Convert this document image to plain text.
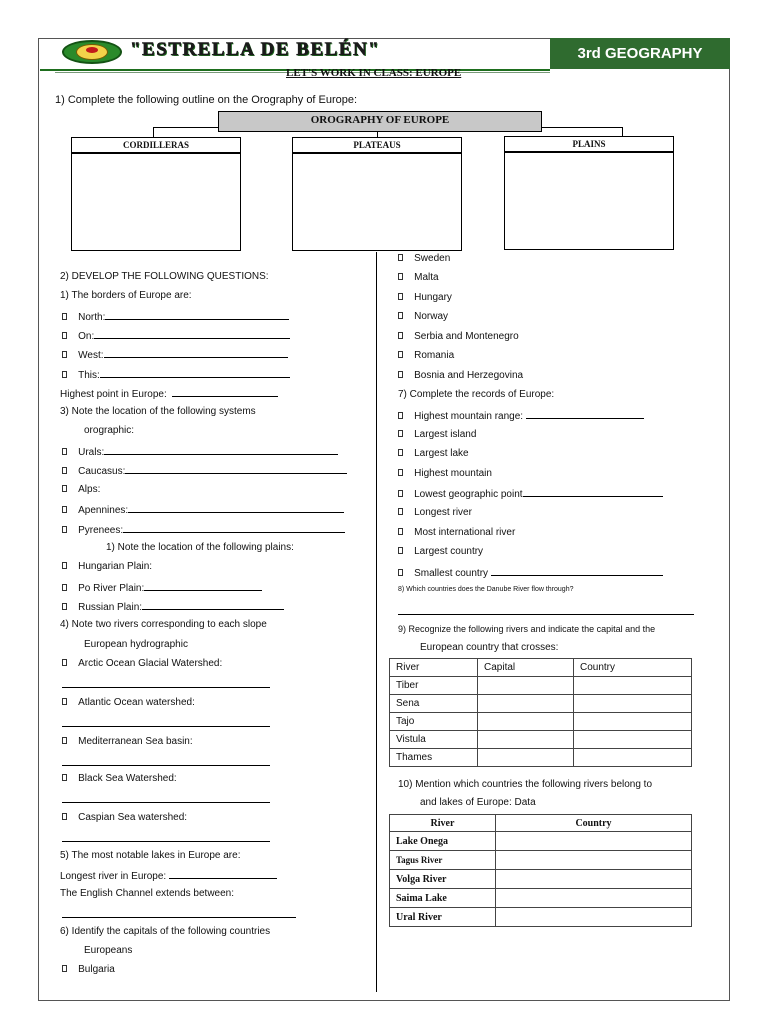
"ESTRELLA DE BELÉN"	3rd GEOGRAPHY
LET'S WORK IN CLASS: EUROPE
1) Complete the following outline on the Orography of Europe:
OROGRAPHY OF EUROPE
CORDILLERAS	PLATEAUS	PLAINS
2) DEVELOP THE FOLLOWING QUESTIONS:
1) The borders of Europe are:
North:
On:
West:
This:
Highest point in Europe:
3) Note the location of the following systems
orographic:
Urals:
Caucasus:
Alps:
Apennines:
Pyrenees:
1) Note the location of the following plains:
Hungarian Plain:
Po River Plain:
Russian Plain:
4) Note two rivers corresponding to each slope
European hydrographic
Arctic Ocean Glacial Watershed:
Atlantic Ocean watershed:
Mediterranean Sea basin:
Black Sea Watershed:
Caspian Sea watershed:
5) The most notable lakes in Europe are:
Longest river in Europe:
The English Channel extends between:
6) Identify the capitals of the following countries
Europeans
Bulgaria
Sweden
Malta
Hungary
Norway
Serbia and Montenegro
Romania
Bosnia and Herzegovina
7) Complete the records of Europe:
Highest mountain range:
Largest island
Largest lake
Highest mountain
Lowest geographic point
Longest river
Most international river
Largest country
Smallest country
8) Which countries does the Danube River flow through?
9) Recognize the following rivers and indicate the capital and the
European country that crosses:
River	Capital	Country
Tiber		
Sena		
Tajo		
Vistula		
Thames		
10) Mention which countries the following rivers belong to
and lakes of Europe: Data
River	Country
Lake Onega	
Tagus River	
Volga River	
Saima Lake	
Ural River	
